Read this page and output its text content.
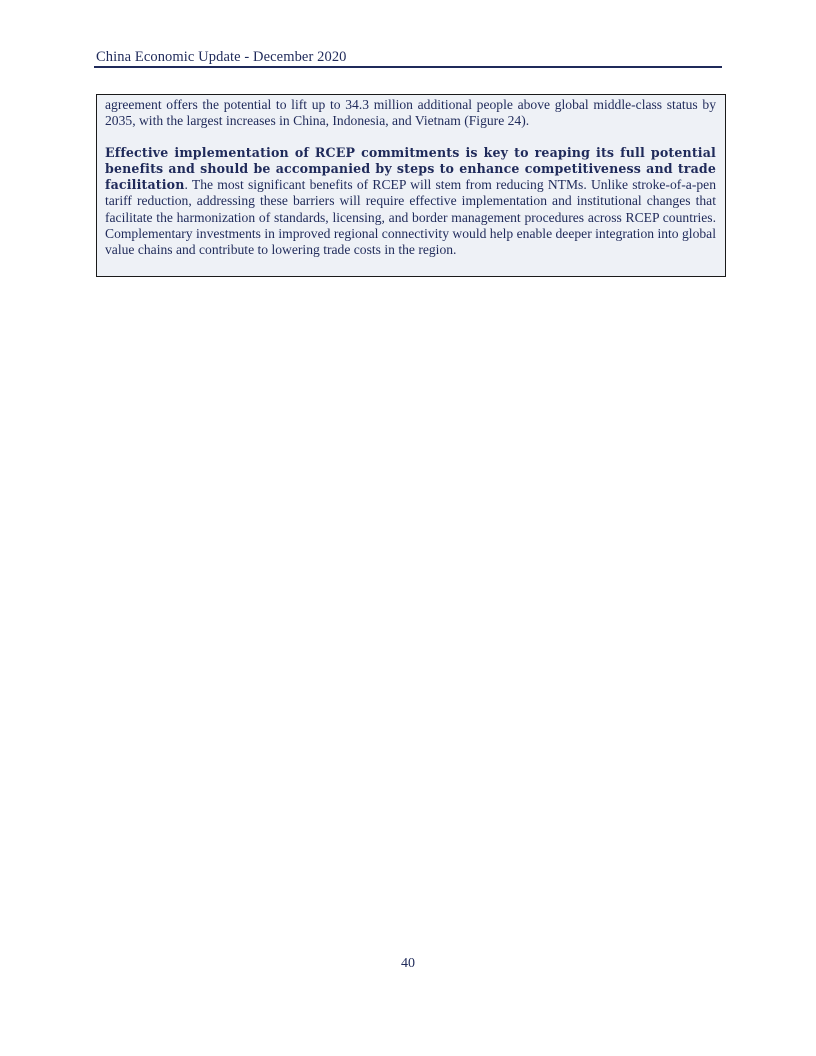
China Economic Update - December 2020

agreement offers the potential to lift up to 34.3 million additional people above global middle-class status by 2035, with the largest increases in China, Indonesia, and Vietnam (Figure 24).

Effective implementation of RCEP commitments is key to reaping its full potential benefits and should be accompanied by steps to enhance competitiveness and trade facilitation. The most significant benefits of RCEP will stem from reducing NTMs. Unlike stroke-of-a-pen tariff reduction, addressing these barriers will require effective implementation and institutional changes that facilitate the harmonization of standards, licensing, and border management procedures across RCEP countries. Complementary investments in improved regional connectivity would help enable deeper integration into global value chains and contribute to lowering trade costs in the region.

40
